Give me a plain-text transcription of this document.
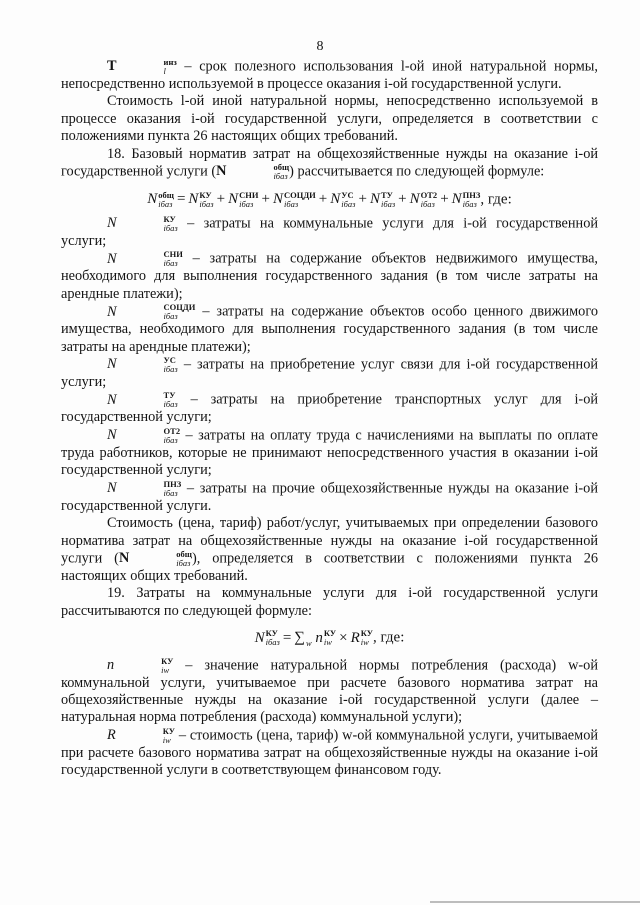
8

T	инз
l – срок полезного использования l-ой иной натуральной нормы, непосредственно используемой в процессе оказания i-ой государственной услуги.

Стоимость l-ой иной натуральной нормы, непосредственно используемой в процессе оказания i-ой государственной услуги, определяется в соответствии с положениями пункта 26 настоящих общих требований.

18. Базовый норматив затрат на общехозяйственные нужды на оказание i-ой государственной услуги (N	общ
iбаз ) рассчитывается по следующей формуле:

N общ
iбаз = N КУ
iбаз + N СНИ
iбаз + N СОЦДИ
iбаз	+ N УС
iбаз + N ТУ
iбаз + N ОТ2
iбаз + N ПНЗ
iбаз , где:

N	КУ
iбаз – затраты на коммунальные услуги для i-ой государственной услуги;

N	СНИ
iбаз – затраты на содержание объектов недвижимого имущества, необходимого для выполнения государственного задания (в том числе затраты на арендные платежи);

N	СОЦДИ
iбаз	– затраты на содержание объектов особо ценного движимого имущества, необходимого для выполнения государственного задания (в том числе затраты на арендные платежи);

N	УС
iбаз – затраты на приобретение услуг связи для i-ой государственной услуги;

N	ТУ
iбаз – затраты на приобретение транспортных услуг для i-ой государственной услуги;

N	ОТ2
iбаз – затраты на оплату труда с начислениями на выплаты по оплате труда работников, которые не принимают непосредственного участия в оказании i-ой государственной услуги;

N	ПНЗ
iбаз – затраты на прочие общехозяйственные нужды на оказание i-ой государственной услуги.

Стоимость (цена, тариф) работ/услуг, учитываемых при определении базового норматива затрат на общехозяйственные нужды на оказание i-ой государственной услуги (N	общ
iбаз ), определяется в соответствии с положениями пункта 26 настоящих общих требований.

19. Затраты на коммунальные услуги для i-ой государственной услуги рассчитываются по следующей формуле:

N КУ
iбаз = ∑ w n КУ
iw × R КУ
iw , где:

n	КУ
iw – значение натуральной нормы потребления (расхода) w-ой коммунальной услуги, учитываемое при расчете базового норматива затрат на общехозяйственные нужды на оказание i-ой государственной услуги (далее – натуральная норма потребления (расхода) коммунальной услуги);

R	КУ
iw – стоимость (цена, тариф) w-ой коммунальной услуги, учитываемой при расчете базового норматива затрат на общехозяйственные нужды на оказание i-ой государственной услуги в соответствующем финансовом году.
